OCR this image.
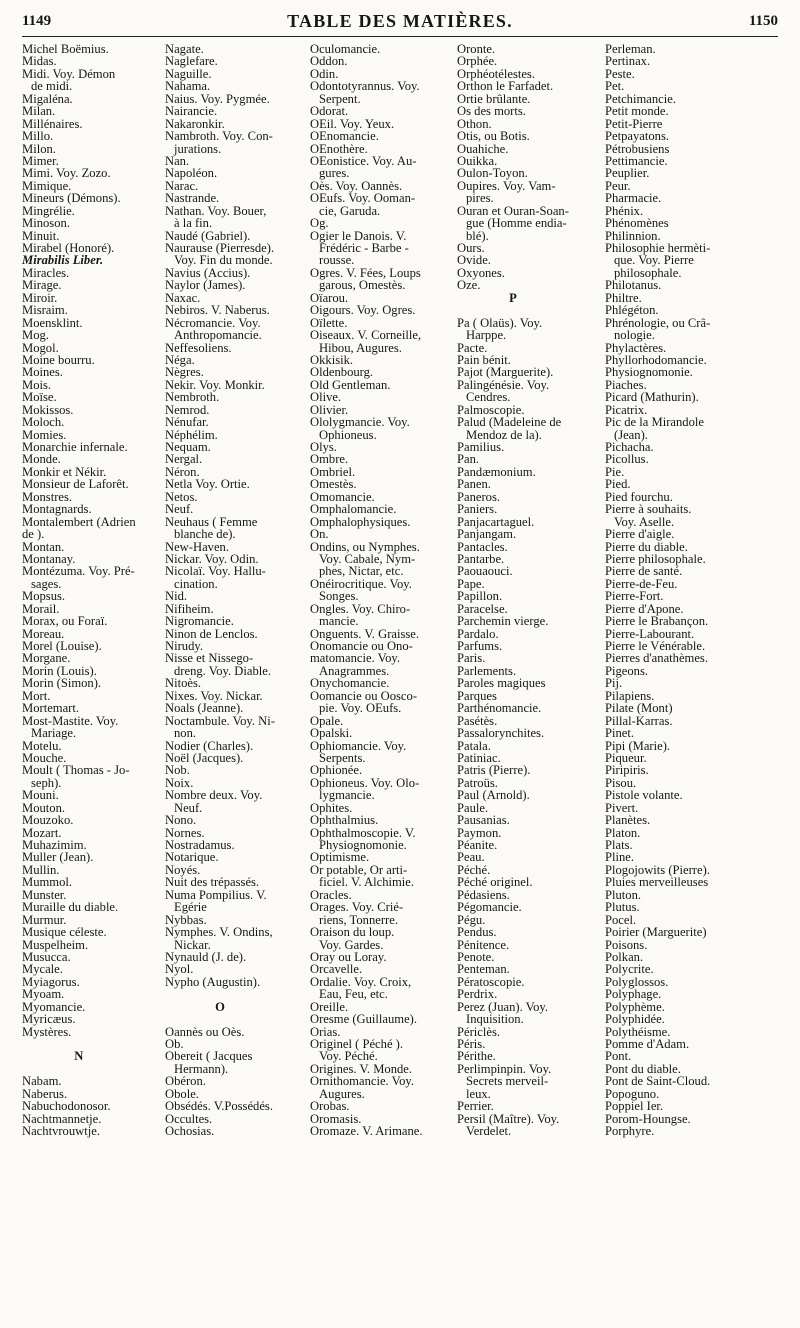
1149	TABLE DES MATIÈRES.	1150
Michel Boëmius.
Midas.
Midi. Voy. Démon
de midi.
Migaléna.
Milan.
Millénaires.
Millo.
Milon.
Mimer.
Mimi. Voy. Zozo.
Mimique.
Mineurs (Démons).
Mingrélie.
Minoson.
Minuit.
Mirabel (Honoré).
Mirabilis Liber.
Miracles.
Mirage.
Miroir.
Misraim.
Moensklint.
Mog.
Mogol.
Moine bourru.
Moines.
Mois.
Moïse.
Mokissos.
Moloch.
Momies.
Monarchie infernale.
Monde.
Monkir et Nékir.
Monsieur de Laforêt.
Monstres.
Montagnards.
Montalembert (Adrien
de ).
Montan.
Montanay.
Montézuma. Voy. Pré-
sages.
Mopsus.
Morail.
Morax, ou Foraï.
Moreau.
Morel (Louise).
Morgane.
Morin (Louis).
Morin (Simon).
Mort.
Mortemart.
Most-Mastite. Voy.
Mariage.
Motelu.
Mouche.
Moult ( Thomas - Jo-
seph).
Mouni.
Mouton.
Mouzoko.
Mozart.
Muhazimim.
Muller (Jean).
Mullin.
Mummol.
Munster.
Muraille du diable.
Murmur.
Musique céleste.
Muspelheim.
Musucca.
Mycale.
Myiagorus.
Myoam.
Myomancie.
Myricæus.
Mystères.
N
Nabam.
Naberus.
Nabuchodonosor.
Nachtmannetje.
Nachtvrouwtje.
Nagate.
Naglefare.
Naguille.
Nahama.
Naius. Voy. Pygmée.
Nairancie.
Nakaronkir.
Nambroth. Voy. Con-
jurations.
Nan.
Napoléon.
Narac.
Nastrande.
Nathan. Voy. Bouer,
à la fin.
Naudé (Gabriel).
Naurause (Pierresde).
Voy. Fin du monde.
Navius (Accius).
Naylor (James).
Naxac.
Nebiros. V. Naberus.
Nécromancie. Voy.
Anthropomancie.
Neffesoliens.
Néga.
Nègres.
Nekir. Voy. Monkir.
Nembroth.
Nemrod.
Nénufar.
Néphélim.
Nequam.
Nergal.
Néron.
Netla Voy. Ortie.
Netos.
Neuf.
Neuhaus ( Femme
blanche de).
New-Haven.
Nickar. Voy. Odin.
Nicolaï. Voy. Hallu-
cination.
Nid.
Nifiheim.
Nigromancie.
Ninon de Lenclos.
Nirudy.
Nisse et Nissego-
dreng. Voy. Diable.
Nitoès.
Nixes. Voy. Nickar.
Noals (Jeanne).
Noctambule. Voy. Ni-
non.
Nodier (Charles).
Noël (Jacques).
Nob.
Noix.
Nombre deux. Voy.
Neuf.
Nono.
Nornes.
Nostradamus.
Notarique.
Noyés.
Nuit des trépassés.
Numa Pompilius. V.
Egérie
Nybbas.
Nymphes. V. Ondins,
Nickar.
Nynauld (J. de).
Nyol.
Nypho (Augustin).
O
Oannès ou Oès.
Ob.
Obereit ( Jacques
Hermann).
Obéron.
Obole.
Obsédés. V.Possédés.
Occultes.
Ochosias.
Oculomancie.
Oddon.
Odin.
Odontotyrannus. Voy.
Serpent.
Odorat.
OEil. Voy. Yeux.
OEnomancie.
OEnothère.
OEonistice. Voy. Au-
gures.
Oès. Voy. Oannès.
OEufs. Voy. Ooman-
cie, Garuda.
Og.
Ogier le Danois. V.
Frédéric - Barbe -
rousse.
Ogres. V. Fées, Loups
garous, Omestès.
Oïarou.
Oigours. Voy. Ogres.
Oïlette.
Oiseaux. V. Corneille,
Hibou, Augures.
Okkisik.
Oldenbourg.
Old Gentleman.
Olive.
Olivier.
Ololygmancie. Voy.
Ophioneus.
Olys.
Ombre.
Ombriel.
Omestès.
Omomancie.
Omphalomancie.
Omphalophysiques.
On.
Ondins, ou Nymphes.
Voy. Cabale, Nym-
phes, Nictar, etc.
Onéirocritique. Voy.
Songes.
Ongles. Voy. Chiro-
mancie.
Onguents. V. Graisse.
Onomancie ou Ono-
matomancie. Voy.
Anagrammes.
Onychomancie.
Oomancie ou Oosco-
pie. Voy. OEufs.
Opale.
Opalski.
Ophiomancie. Voy.
Serpents.
Ophionée.
Ophioneus. Voy. Olo-
lygmancie.
Ophites.
Ophthalmius.
Ophthalmoscopie. V.
Physiognomonie.
Optimisme.
Or potable, Or arti-
ficiel. V. Alchimie.
Oracles.
Orages. Voy. Crié-
riens, Tonnerre.
Oraison du loup.
Voy. Gardes.
Oray ou Loray.
Orcavelle.
Ordalie. Voy. Croix,
Eau, Feu, etc.
Oreille.
Oresme (Guillaume).
Orias.
Originel ( Péché ).
Voy. Péché.
Origines. V. Monde.
Ornithomancie. Voy.
Augures.
Orobas.
Oromasis.
Oromaze. V. Arimane.
Oronte.
Orphée.
Orphéotélestes.
Orthon le Farfadet.
Ortie brûlante.
Os des morts.
Othon.
Otis, ou Botis.
Ouahiche.
Ouikka.
Oulon-Toyon.
Oupires. Voy. Vam-
pires.
Ouran et Ouran-Soan-
gue (Homme endia-
blé).
Ours.
Ovide.
Oxyones.
Oze.
P
Pa ( Olaüs). Voy.
Harppe.
Pacte.
Pain bénit.
Pajot (Marguerite).
Palingénésie. Voy.
Cendres.
Palmoscopie.
Palud (Madeleine de
Mendoz de la).
Pamilius.
Pan.
Pandæmonium.
Panen.
Paneros.
Paniers.
Panjacartaguel.
Panjangam.
Pantacles.
Pantarbe.
Paouaouci.
Pape.
Papillon.
Paracelse.
Parchemin vierge.
Pardalo.
Parfums.
Paris.
Parlements.
Paroles magiques
Parques
Parthénomancie.
Pasétès.
Passalorynchites.
Patala.
Patiniac.
Patris (Pierre).
Patroüs.
Paul (Arnold).
Paule.
Pausanias.
Paymon.
Péanite.
Peau.
Péché.
Péché originel.
Pédasiens.
Pégomancie.
Pégu.
Pendus.
Pénitence.
Penote.
Penteman.
Pératoscopie.
Perdrix.
Perez (Juan). Voy.
Inquisition.
Périclès.
Péris.
Périthe.
Perlimpinpin. Voy.
Secrets merveil-
leux.
Perrier.
Persil (Maître). Voy.
Verdelet.
Perleman.
Pertinax.
Peste.
Pet.
Petchimancie.
Petit monde.
Petit-Pierre
Petpayatons.
Pétrobusiens
Pettimancie.
Peuplier.
Peur.
Pharmacie.
Phénix.
Phénomènes
Philinnion.
Philosophie hermèti-
que. Voy. Pierre
philosophale.
Philotanus.
Philtre.
Phlégéton.
Phrénologie, ou Crâ-
nologie.
Phylactères.
Phyllorhodomancie.
Physiognomonie.
Piaches.
Picard (Mathurin).
Picatrix.
Pic de la Mirandole
(Jean).
Pichacha.
Picollus.
Pie.
Pied.
Pied fourchu.
Pierre à souhaits.
Voy. Aselle.
Pierre d'aigle.
Pierre du diable.
Pierre philosophale.
Pierre de santé.
Pierre-de-Feu.
Pierre-Fort.
Pierre d'Apone.
Pierre le Brabançon.
Pierre-Labourant.
Pierre le Vénérable.
Pierres d'anathèmes.
Pigeons.
Pij.
Pilapiens.
Pilate (Mont)
Pillal-Karras.
Pinet.
Pipi (Marie).
Piqueur.
Piripiris.
Pisou.
Pistole volante.
Pivert.
Planètes.
Platon.
Plats.
Pline.
Plogojowits (Pierre).
Pluies merveilleuses
Pluton.
Plutus.
Pocel.
Poirier (Marguerite)
Poisons.
Polkan.
Polycrite.
Polyglossos.
Polyphage.
Polyphème.
Polyphidée.
Polythéisme.
Pomme d'Adam.
Pont.
Pont du diable.
Pont de Saint-Cloud.
Popoguno.
Poppiel Ier.
Porom-Houngse.
Porphyre.
